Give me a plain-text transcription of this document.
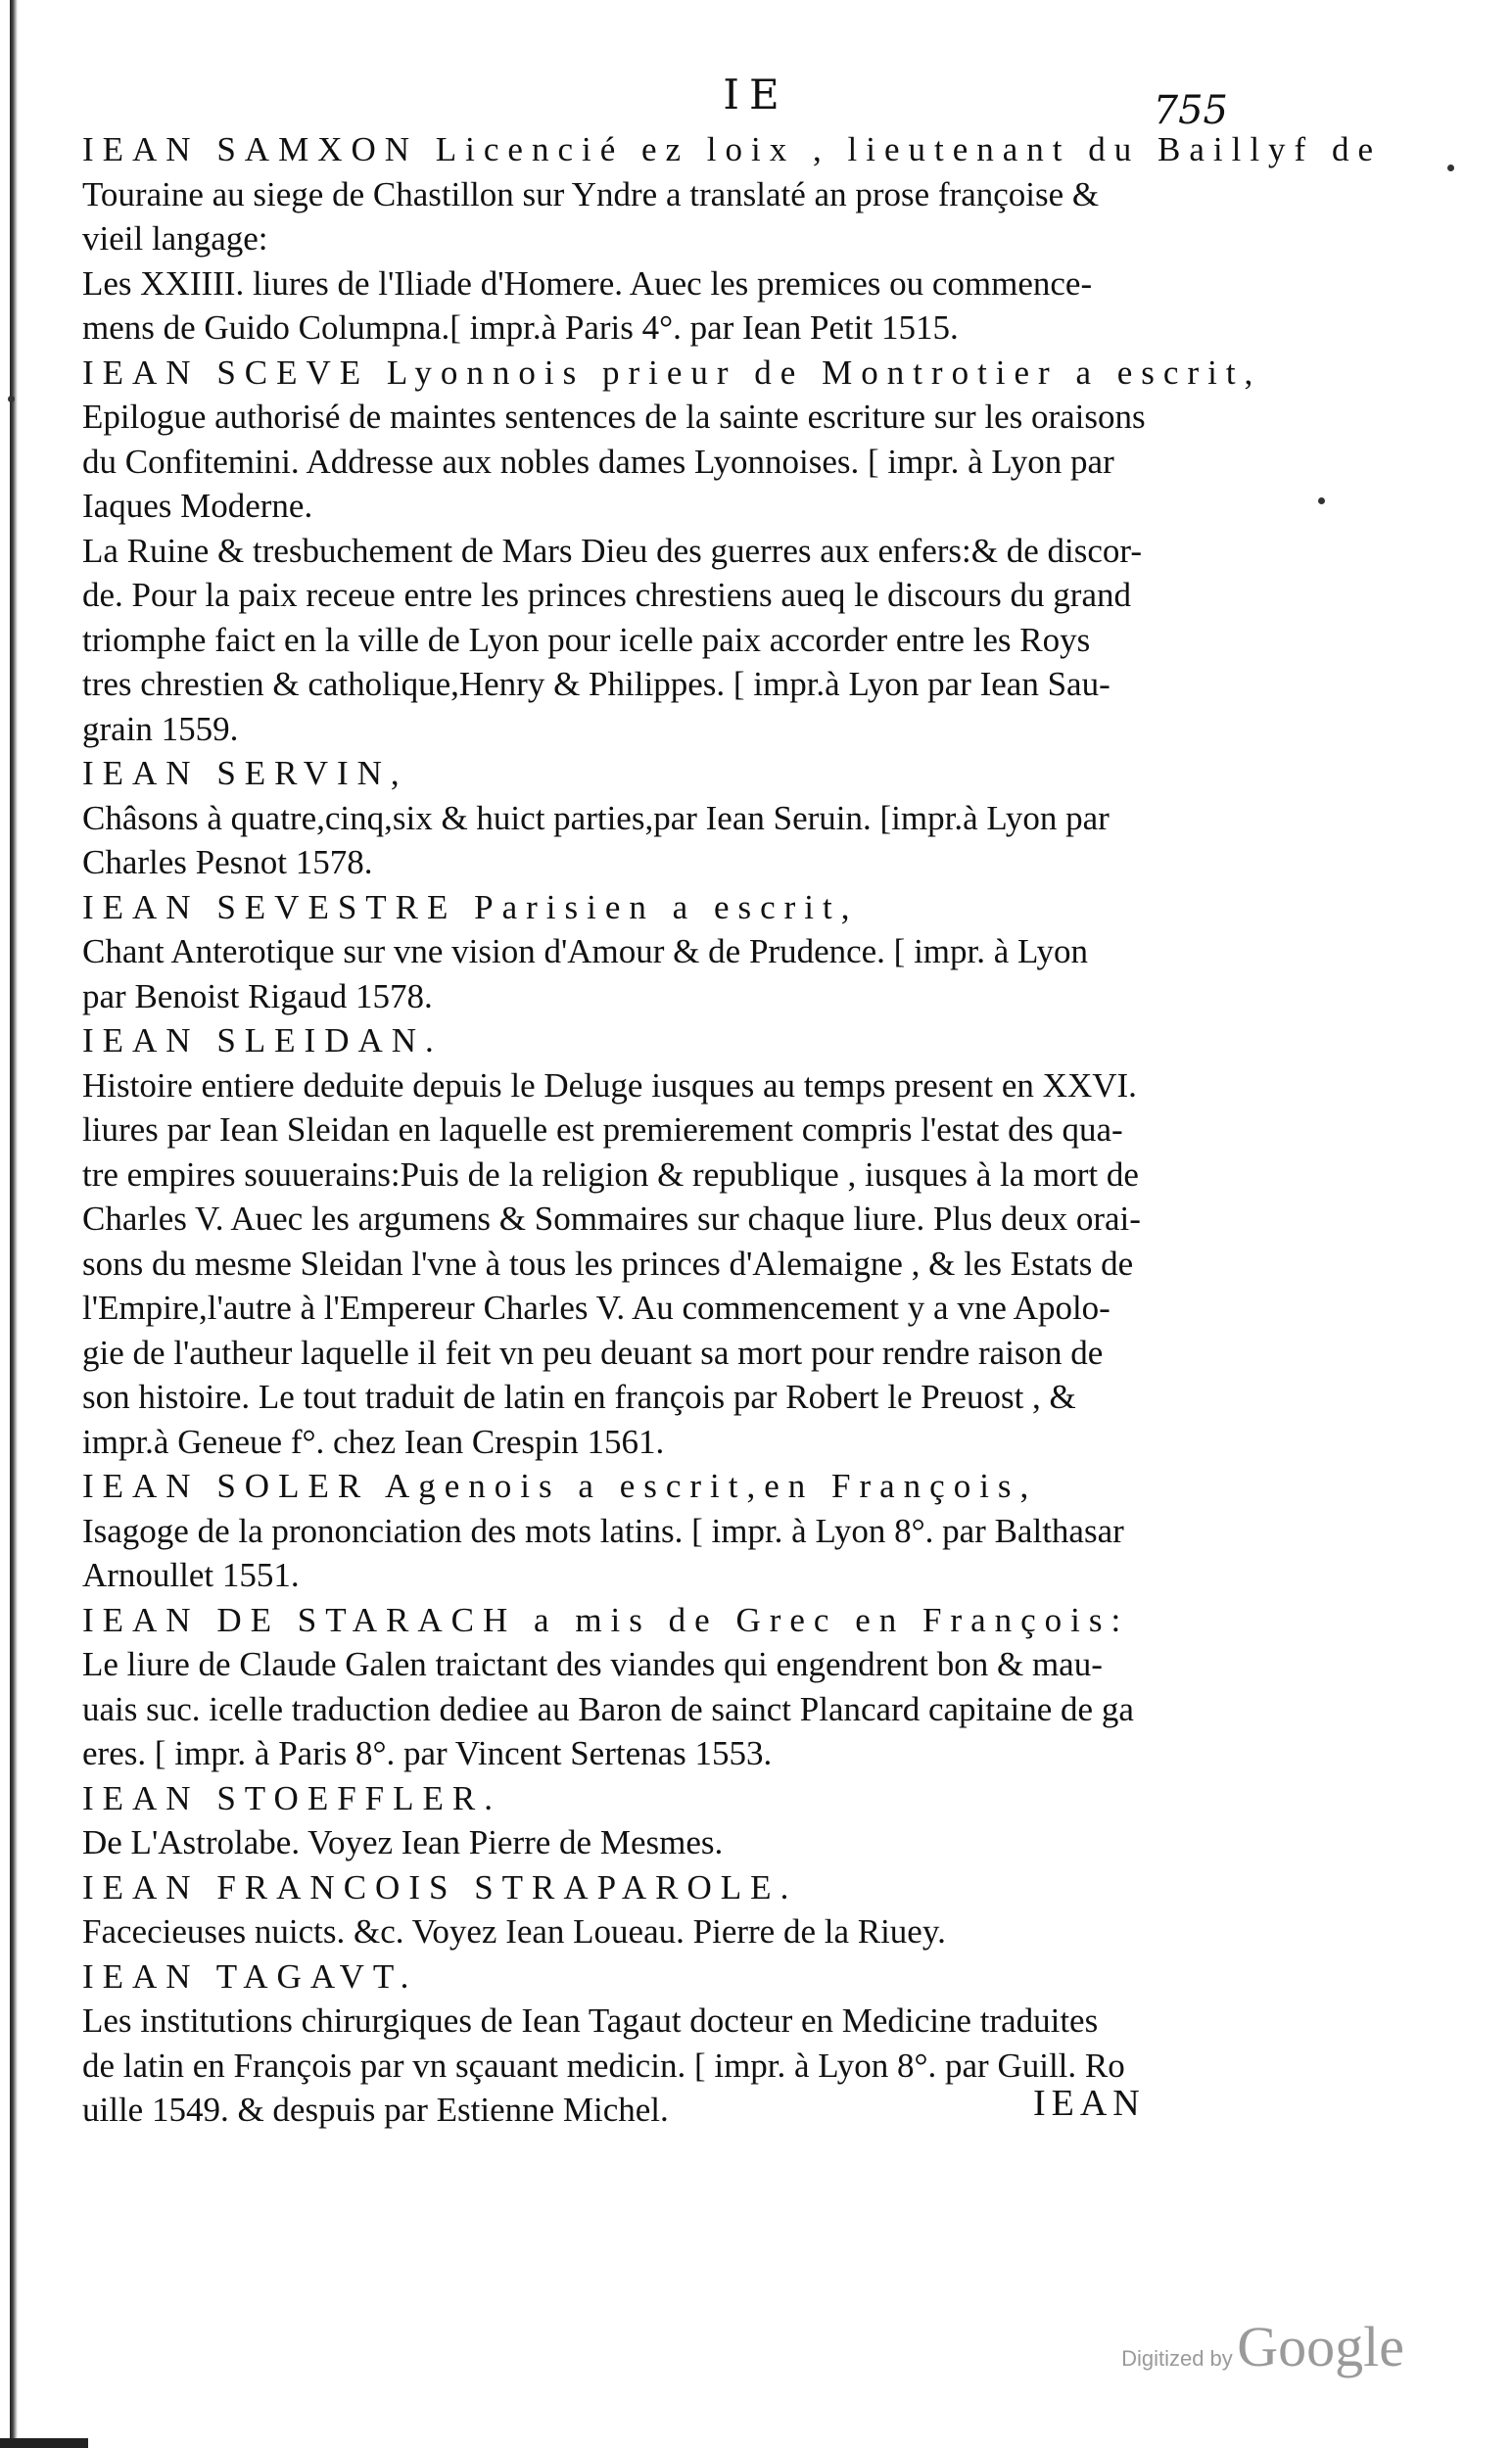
IE	755
IEAN SAMXON Licencié ez loix , lieutenant du Baillyf de
Touraine au siege de Chastillon sur Yndre a translaté an prose françoise &
vieil langage:
Les XXIIII. liures de l'Iliade d'Homere. Auec les premices ou commence-
mens de Guido Columpna.[ impr.à Paris 4°. par Iean Petit 1515.
IEAN SCEVE Lyonnois prieur de Montrotier a escrit,
Epilogue authorisé de maintes sentences de la sainte escriture sur les oraisons
du Confitemini. Addresse aux nobles dames Lyonnoises. [ impr. à Lyon par
Iaques Moderne.
La Ruine & tresbuchement de Mars Dieu des guerres aux enfers:& de discor-
de. Pour la paix receue entre les princes chrestiens aueq le discours du grand
triomphe faict en la ville de Lyon pour icelle paix accorder entre les Roys
tres chrestien & catholique,Henry & Philippes. [ impr.à Lyon par Iean Sau-
grain 1559.
IEAN SERVIN,
Châsons à quatre,cinq,six & huict parties,par Iean Seruin. [impr.à Lyon par
Charles Pesnot 1578.
IEAN SEVESTRE Parisien a escrit,
Chant Anterotique sur vne vision d'Amour & de Prudence. [ impr. à Lyon
par Benoist Rigaud 1578.
IEAN SLEIDAN.
Histoire entiere deduite depuis le Deluge iusques au temps present en XXVI.
liures par Iean Sleidan en laquelle est premierement compris l'estat des qua-
tre empires souuerains:Puis de la religion & republique , iusques à la mort de
Charles V. Auec les argumens & Sommaires sur chaque liure. Plus deux orai-
sons du mesme Sleidan l'vne à tous les princes d'Alemaigne , & les Estats de
l'Empire,l'autre à l'Empereur Charles V. Au commencement y a vne Apolo-
gie de l'autheur laquelle il feit vn peu deuant sa mort pour rendre raison de
son histoire. Le tout traduit de latin en françois par Robert le Preuost , &
impr.à Geneue f°. chez Iean Crespin 1561.
IEAN SOLER Agenois a escrit,en François,
Isagoge de la prononciation des mots latins. [ impr. à Lyon 8°. par Balthasar
Arnoullet 1551.
IEAN DE STARACH a mis de Grec en François:
Le liure de Claude Galen traictant des viandes qui engendrent bon & mau-
uais suc. icelle traduction dediee au Baron de sainct Plancard capitaine de ga
eres. [ impr. à Paris 8°. par Vincent Sertenas 1553.
IEAN STOEFFLER.
De L'Astrolabe. Voyez Iean Pierre de Mesmes.
IEAN FRANCOIS STRAPAROLE.
Facecieuses nuicts. &c. Voyez Iean Loueau. Pierre de la Riuey.
IEAN TAGAVT.
Les institutions chirurgiques de Iean Tagaut docteur en Medicine traduites
de latin en François par vn sçauant medicin. [ impr. à Lyon 8°. par Guill. Ro
uille 1549. & despuis par Estienne Michel.	IEAN
Digitized by Google
